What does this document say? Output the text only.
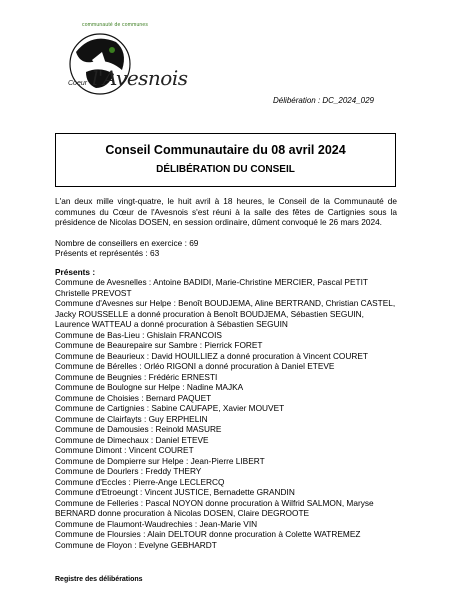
communauté de communes
Coeur l'Avesnois
Délibération : DC_2024_029
Conseil Communautaire du 08 avril 2024
DÉLIBÉRATION DU CONSEIL

L'an deux mille vingt-quatre, le huit avril à 18 heures, le Conseil de la Communauté de communes du Cœur de l'Avesnois s'est réuni à la salle des fêtes de Cartignies sous la présidence de Nicolas DOSEN, en session ordinaire, dûment convoqué le 26 mars 2024.

Nombre de conseillers en exercice : 69
Présents et représentés : 63
Présents :
Commune de Avesnelles : Antoine BADIDI, Marie-Christine MERCIER, Pascal PETIT Christelle PREVOST
Commune d'Avesnes sur Helpe : Benoît BOUDJEMA, Aline BERTRAND, Christian CASTEL, Jacky ROUSSELLE a donné procuration à Benoît BOUDJEMA, Sébastien SEGUIN, Laurence WATTEAU a donné procuration à Sébastien SEGUIN
Commune de Bas-Lieu : Ghislain FRANCOIS
Commune de Beaurepaire sur Sambre : Pierrick FORET
Commune de Beaurieux : David HOUILLIEZ a donné procuration à Vincent COURET
Commune de Bérelles : Orléo RIGONI a donné procuration à Daniel ETEVE
Commune de Beugnies : Frédéric ERNESTI
Commune de Boulogne sur Helpe : Nadine MAJKA
Commune de Choisies : Bernard PAQUET
Commune de Cartignies : Sabine CAUFAPE, Xavier MOUVET
Commune de Clairfayts : Guy ERPHELIN
Commune de Damousies : Reinold MASURE
Commune de Dimechaux : Daniel ETEVE
Commune Dimont : Vincent COURET
Commune de Dompierre sur Helpe : Jean-Pierre LIBERT
Commune de Dourlers : Freddy THERY
Commune d'Eccles : Pierre-Ange LECLERCQ
Commune d'Etroeungt : Vincent JUSTICE, Bernadette GRANDIN
Commune de Felleries : Pascal NOYON donne procuration à Wilfrid SALMON, Maryse BERNARD donne procuration à Nicolas DOSEN, Claire DEGROOTE
Commune de Flaumont-Waudrechies : Jean-Marie VIN
Commune de Floursies : Alain DELTOUR donne procuration à Colette WATREMEZ
Commune de Floyon : Evelyne GEBHARDT
Registre des délibérations
